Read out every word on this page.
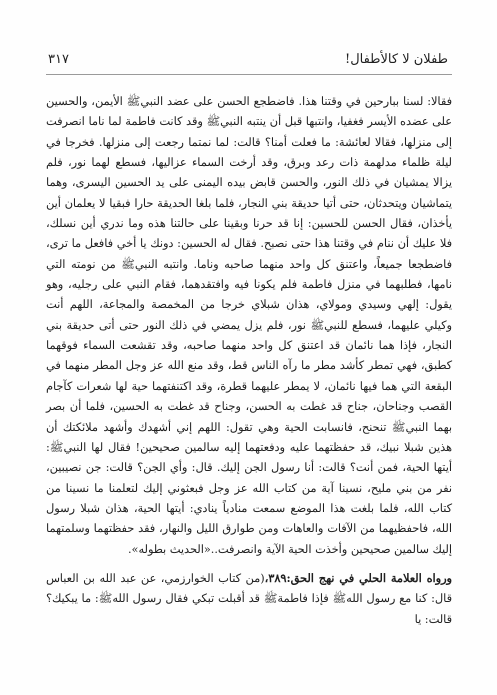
طفلان لا كالأطفال!
٣١٧

فقالا: لسنا ببارحين في وقتنا هذا. فاضطجع الحسن على عضد النبيﷺ الأيمن، والحسين على عضده الأيسر فغفيا، وانتبها قبل أن ينتبه النبيﷺ وقد كانت فاطمة لما ناما انصرفت إلى منزلها، فقالا لعائشة: ما فعلت أمنا؟ قالت: لما نمتما رجعت إلى منزلها. فخرجا في ليلة ظلماء مدلهمة ذات رعد وبرق، وقد أرخت السماء عزاليها، فسطع لهما نور، فلم يزالا يمشيان في ذلك النور، والحسن قابض بيده اليمنى على يد الحسين اليسرى، وهما يتماشيان ويتحدثان، حتى أتيا حديقة بني النجار، فلما بلغا الحديقة حارا فبقيا لا يعلمان أين يأخذان، فقال الحسن للحسين: إنا قد حرنا وبقينا على حالتنا هذه وما ندري أين نسلك، فلا عليك أن ننام في وقتنا هذا حتى نصبح. فقال له الحسين: دونك يا أخي فافعل ما ترى، فاضطجعا جميعاً، واعتنق كل واحد منهما صاحبه وناما. وانتبه النبيﷺ من نومته التي نامها، فطلبهما في منزل فاطمة فلم يكونا فيه وافتقدهما، فقام النبي على رجليه، وهو يقول: إلهي وسيدي ومولاي، هذان شبلاي خرجا من المخمصة والمجاعة، اللهم أنت وكيلي عليهما، فسطع للنبيﷺ نور، فلم يزل يمضي في ذلك النور حتى أتى حديقة بني النجار، فإذا هما نائمان قد اعتنق كل واحد منهما صاحبه، وقد تقشعت السماء فوقهما كطبق، فهي تمطر كأشد مطر ما رآه الناس قط، وقد منع الله عز وجل المطر منهما في البقعة التي هما فيها نائمان، لا يمطر عليهما قطرة، وقد اكتنفتهما حية لها شعرات كآجام القصب وجناحان، جناح قد غطت به الحسن، وجناح قد غطت به الحسين، فلما أن بصر بهما النبيﷺ تنحنح، فانسابت الحية وهي تقول: اللهم إني أشهدك وأشهد ملائكتك أن هذين شبلا نبيك، قد حفظتهما عليه ودفعتهما إليه سالمين صحيحين! فقال لها النبيﷺ: أيتها الحية، فمن أنت؟ قالت: أنا رسول الجن إليك. قال: وأي الجن؟ قالت: جن نصيبين، نفر من بني مليح، نسينا آية من كتاب الله عز وجل فبعثوني إليك لتعلمنا ما نسينا من كتاب الله، فلما بلغت هذا الموضع سمعت منادياً ينادي: أيتها الحية، هذان شبلا رسول الله، فاحفظيهما من الآفات والعاهات ومن طوارق الليل والنهار، فقد حفظتهما وسلمتهما إليك سالمين صحيحين وأخذت الحية الآية وانصرفت..«الحديث بطوله».

ورواه العلامة الحلي في نهج الحق:٣٨٩،(من كتاب الخوارزمي، عن عبد الله بن العباس قال: كنا مع رسول اللهﷺ فإذا فاطمةﷺ قد أقبلت تبكي فقال رسول اللهﷺ: ما يبكيك؟ قالت: يا
